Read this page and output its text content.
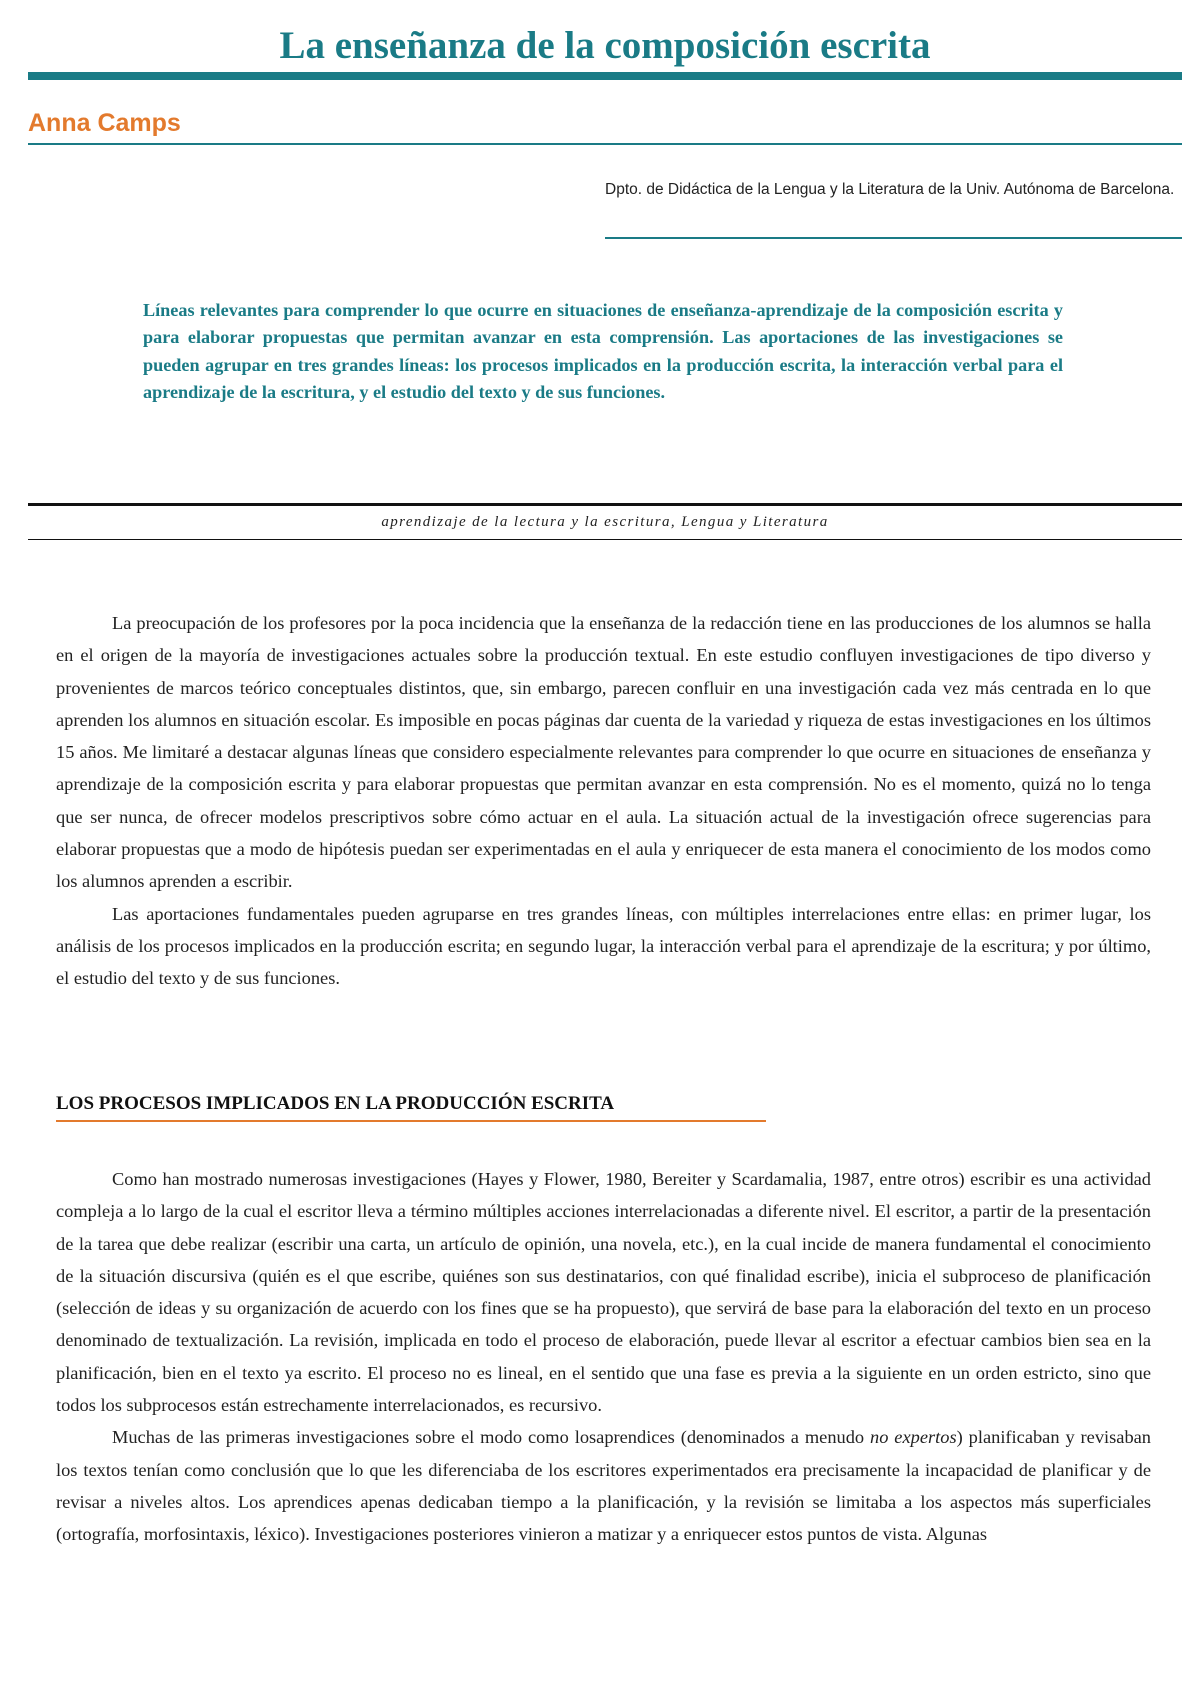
La enseñanza de la composición escrita
Anna Camps

Dpto. de Didáctica de la Lengua y la Literatura de la Univ. Autónoma de Barcelona.

Líneas relevantes para comprender lo que ocurre en situaciones de enseñanza-aprendizaje de la composición escrita y para elaborar propuestas que permitan avanzar en esta comprensión. Las aportaciones de las investigaciones se pueden agrupar en tres grandes líneas: los procesos implicados en la producción escrita, la interacción verbal para el aprendizaje de la escritura, y el estudio del texto y de sus funciones.

aprendizaje de la lectura y la escritura, Lengua y Literatura

La preocupación de los profesores por la poca incidencia que la enseñanza de la redacción tiene en las producciones de los alumnos se halla en el origen de la mayoría de investigaciones actuales sobre la producción textual. En este estudio confluyen investigaciones de tipo diverso y provenientes de marcos teórico conceptuales distintos, que, sin embargo, parecen confluir en una investigación cada vez más centrada en lo que aprenden los alumnos en situación escolar. Es imposible en pocas páginas dar cuenta de la variedad y riqueza de estas investigaciones en los últimos 15 años. Me limitaré a destacar algunas líneas que considero especialmente relevantes para comprender lo que ocurre en situaciones de enseñanza y aprendizaje de la composición escrita y para elaborar propuestas que permitan avanzar en esta comprensión. No es el momento, quizá no lo tenga que ser nunca, de ofrecer modelos prescriptivos sobre cómo actuar en el aula. La situación actual de la investigación ofrece sugerencias para elaborar propuestas que a modo de hipótesis puedan ser experimentadas en el aula y enriquecer de esta manera el conocimiento de los modos como los alumnos aprenden a escribir.

Las aportaciones fundamentales pueden agruparse en tres grandes líneas, con múltiples interrelaciones entre ellas: en primer lugar, los análisis de los procesos implicados en la producción escrita; en segundo lugar, la interacción verbal para el aprendizaje de la escritura; y por último, el estudio del texto y de sus funciones.

LOS PROCESOS IMPLICADOS EN LA PRODUCCIÓN ESCRITA

Como han mostrado numerosas investigaciones (Hayes y Flower, 1980, Bereiter y Scardamalia, 1987, entre otros) escribir es una actividad compleja a lo largo de la cual el escritor lleva a término múltiples acciones interrelacionadas a diferente nivel. El escritor, a partir de la presentación de la tarea que debe realizar (escribir una carta, un artículo de opinión, una novela, etc.), en la cual incide de manera fundamental el conocimiento de la situación discursiva (quién es el que escribe, quiénes son sus destinatarios, con qué finalidad escribe), inicia el subproceso de planificación (selección de ideas y su organización de acuerdo con los fines que se ha propuesto), que servirá de base para la elaboración del texto en un proceso denominado de textualización. La revisión, implicada en todo el proceso de elaboración, puede llevar al escritor a efectuar cambios bien sea en la planificación, bien en el texto ya escrito. El proceso no es lineal, en el sentido que una fase es previa a la siguiente en un orden estricto, sino que todos los subprocesos están estrechamente interrelacionados, es recursivo.

Muchas de las primeras investigaciones sobre el modo como losaprendices (denominados a menudo no expertos) planificaban y revisaban los textos tenían como conclusión que lo que les diferenciaba de los escritores experimentados era precisamente la incapacidad de planificar y de revisar a niveles altos. Los aprendices apenas dedicaban tiempo a la planificación, y la revisión se limitaba a los aspectos más superficiales (ortografía, morfosintaxis, léxico). Investigaciones posteriores vinieron a matizar y a enriquecer estos puntos de vista. Algunas
